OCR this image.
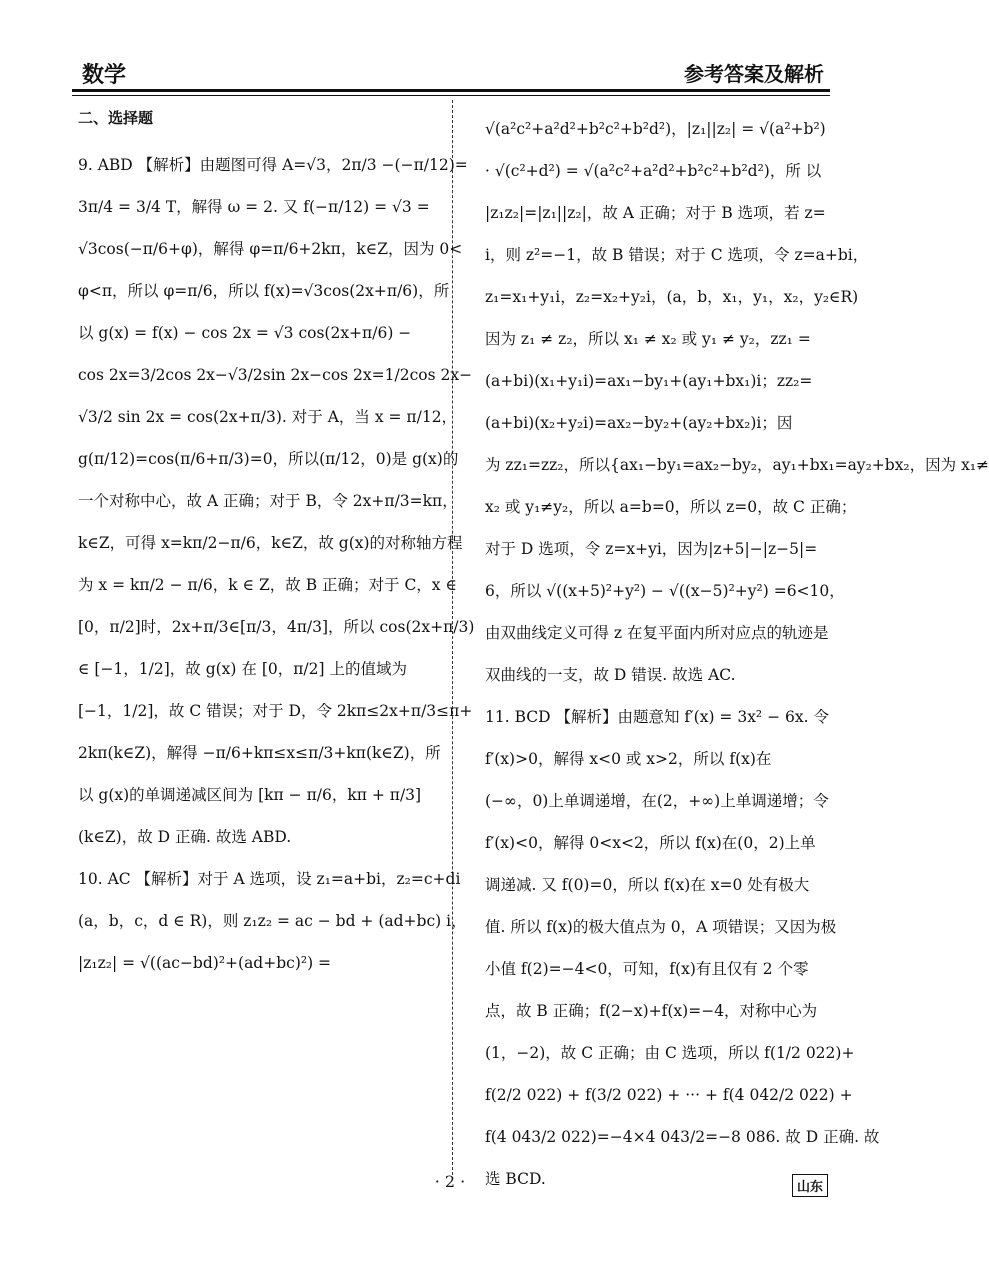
数学	参考答案及解析
二、选择题
9. ABD 【解析】由题图可得 A=√3，2π/3 −(−π/12)=
3π/4 = 3/4 T，解得 ω = 2. 又 f(−π/12) = √3 =
√3cos(−π/6+φ)，解得 φ=π/6+2kπ，k∈Z，因为 0<
φ<π，所以 φ=π/6，所以 f(x)=√3cos(2x+π/6)，所
以 g(x) = f(x) − cos 2x = √3 cos(2x+π/6) −
cos 2x=3/2cos 2x−√3/2sin 2x−cos 2x=1/2cos 2x−
√3/2 sin 2x = cos(2x+π/3). 对于 A，当 x = π/12，
g(π/12)=cos(π/6+π/3)=0，所以(π/12，0)是 g(x)的
一个对称中心，故 A 正确；对于 B，令 2x+π/3=kπ，
k∈Z，可得 x=kπ/2−π/6，k∈Z，故 g(x)的对称轴方程
为 x = kπ/2 − π/6，k ∈ Z，故 B 正确；对于 C，x ∈
[0，π/2]时，2x+π/3∈[π/3，4π/3]，所以 cos(2x+π/3)
∈ [−1，1/2]，故 g(x) 在 [0，π/2] 上的值域为
[−1，1/2]，故 C 错误；对于 D，令 2kπ≤2x+π/3≤π+
2kπ(k∈Z)，解得 −π/6+kπ≤x≤π/3+kπ(k∈Z)，所
以 g(x)的单调递减区间为 [kπ − π/6，kπ + π/3]
(k∈Z)，故 D 正确. 故选 ABD.
10. AC 【解析】对于 A 选项，设 z₁=a+bi，z₂=c+di
(a，b，c，d ∈ R)，则 z₁z₂ = ac − bd + (ad+bc) i，
|z₁z₂| = √((ac−bd)²+(ad+bc)²) =
√(a²c²+a²d²+b²c²+b²d²)，|z₁||z₂| = √(a²+b²)
· √(c²+d²) = √(a²c²+a²d²+b²c²+b²d²)，所 以
|z₁z₂|=|z₁||z₂|，故 A 正确；对于 B 选项，若 z=
i，则 z²=−1，故 B 错误；对于 C 选项，令 z=a+bi，
z₁=x₁+y₁i，z₂=x₂+y₂i，(a，b，x₁，y₁，x₂，y₂∈R)
因为 z₁ ≠ z₂，所以 x₁ ≠ x₂ 或 y₁ ≠ y₂，zz₁ =
(a+bi)(x₁+y₁i)=ax₁−by₁+(ay₁+bx₁)i；zz₂=
(a+bi)(x₂+y₂i)=ax₂−by₂+(ay₂+bx₂)i；因
为 zz₁=zz₂，所以{ax₁−by₁=ax₂−by₂，ay₁+bx₁=ay₂+bx₂，因为 x₁≠
x₂ 或 y₁≠y₂，所以 a=b=0，所以 z=0，故 C 正确；
对于 D 选项，令 z=x+yi，因为|z+5|−|z−5|=
6，所以 √((x+5)²+y²) − √((x−5)²+y²) =6<10，
由双曲线定义可得 z 在复平面内所对应点的轨迹是
双曲线的一支，故 D 错误. 故选 AC.
11. BCD 【解析】由题意知 f′(x) = 3x² − 6x. 令
f′(x)>0，解得 x<0 或 x>2，所以 f(x)在
(−∞，0)上单调递增，在(2，+∞)上单调递增；令
f′(x)<0，解得 0<x<2，所以 f(x)在(0，2)上单
调递减. 又 f(0)=0，所以 f(x)在 x=0 处有极大
值. 所以 f(x)的极大值点为 0，A 项错误；又因为极
小值 f(2)=−4<0，可知，f(x)有且仅有 2 个零
点，故 B 正确；f(2−x)+f(x)=−4，对称中心为
(1，−2)，故 C 正确；由 C 选项，所以 f(1/2 022)+
f(2/2 022) + f(3/2 022) + ··· + f(4 042/2 022) +
f(4 043/2 022)=−4×4 043/2=−8 086. 故 D 正确. 故
选 BCD.
· 2 ·	山东
